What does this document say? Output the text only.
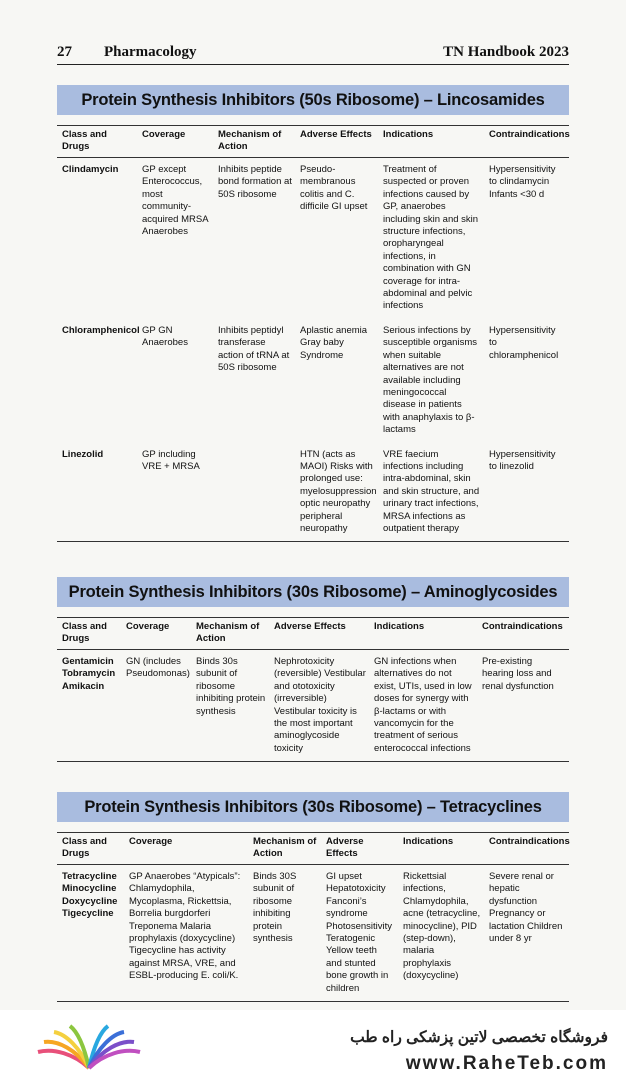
27 Pharmacology	TN Handbook 2023
Protein Synthesis Inhibitors (50s Ribosome) – Lincosamides
Class and Drugs	Coverage	Mechanism of Action	Adverse Effects	Indications	Contraindications
Clindamycin	GP except Enterococcus, most community-acquired MRSA Anaerobes	Inhibits peptide bond formation at 50S ribosome	Pseudo-membranous colitis and C. difficile GI upset	Treatment of suspected or proven infections caused by GP, anaerobes including skin and skin structure infections, oropharyngeal infections, in combination with GN coverage for intra-abdominal and pelvic infections	Hypersensitivity to clindamycin Infants <30 d
Chloramphenicol	GP GN Anaerobes	Inhibits peptidyl transferase action of tRNA at 50S ribosome	Aplastic anemia Gray baby Syndrome	Serious infections by susceptible organisms when suitable alternatives are not available including meningococcal disease in patients with anaphylaxis to β-lactams	Hypersensitivity to chloramphenicol
Linezolid	GP including VRE + MRSA		HTN (acts as MAOI) Risks with prolonged use: myelosuppression optic neuropathy peripheral neuropathy	VRE faecium infections including intra-abdominal, skin and skin structure, and urinary tract infections, MRSA infections as outpatient therapy	Hypersensitivity to linezolid
Protein Synthesis Inhibitors (30s Ribosome) – Aminoglycosides
Class and Drugs	Coverage	Mechanism of Action	Adverse Effects	Indications	Contraindications
Gentamicin Tobramycin Amikacin	GN (includes Pseudomonas)	Binds 30s subunit of ribosome inhibiting protein synthesis	Nephrotoxicity (reversible) Vestibular and ototoxicity (irreversible) Vestibular toxicity is the most important aminoglycoside toxicity	GN infections when alternatives do not exist, UTIs, used in low doses for synergy with β-lactams or with vancomycin for the treatment of serious enterococcal infections	Pre-existing hearing loss and renal dysfunction
Protein Synthesis Inhibitors (30s Ribosome) – Tetracyclines
Class and Drugs	Coverage	Mechanism of Action	Adverse Effects	Indications	Contraindications
Tetracycline Minocycline Doxycycline Tigecycline	GP Anaerobes “Atypicals”: Chlamydophila, Mycoplasma, Rickettsia, Borrelia burgdorferi Treponema Malaria prophylaxis (doxycycline) Tigecycline has activity against MRSA, VRE, and ESBL-producing E. coli/K.	Binds 30S subunit of ribosome inhibiting protein synthesis	GI upset Hepatotoxicity Fanconi’s syndrome Photosensitivity Teratogenic Yellow teeth and stunted bone growth in children	Rickettsial infections, Chlamydophila, acne (tetracycline, minocycline), PID (step-down), malaria prophylaxis (doxycycline)	Severe renal or hepatic dysfunction Pregnancy or lactation Children under 8 yr
فروشگاه تخصصی لاتین پزشکی راه طب
www.RaheTeb.com
